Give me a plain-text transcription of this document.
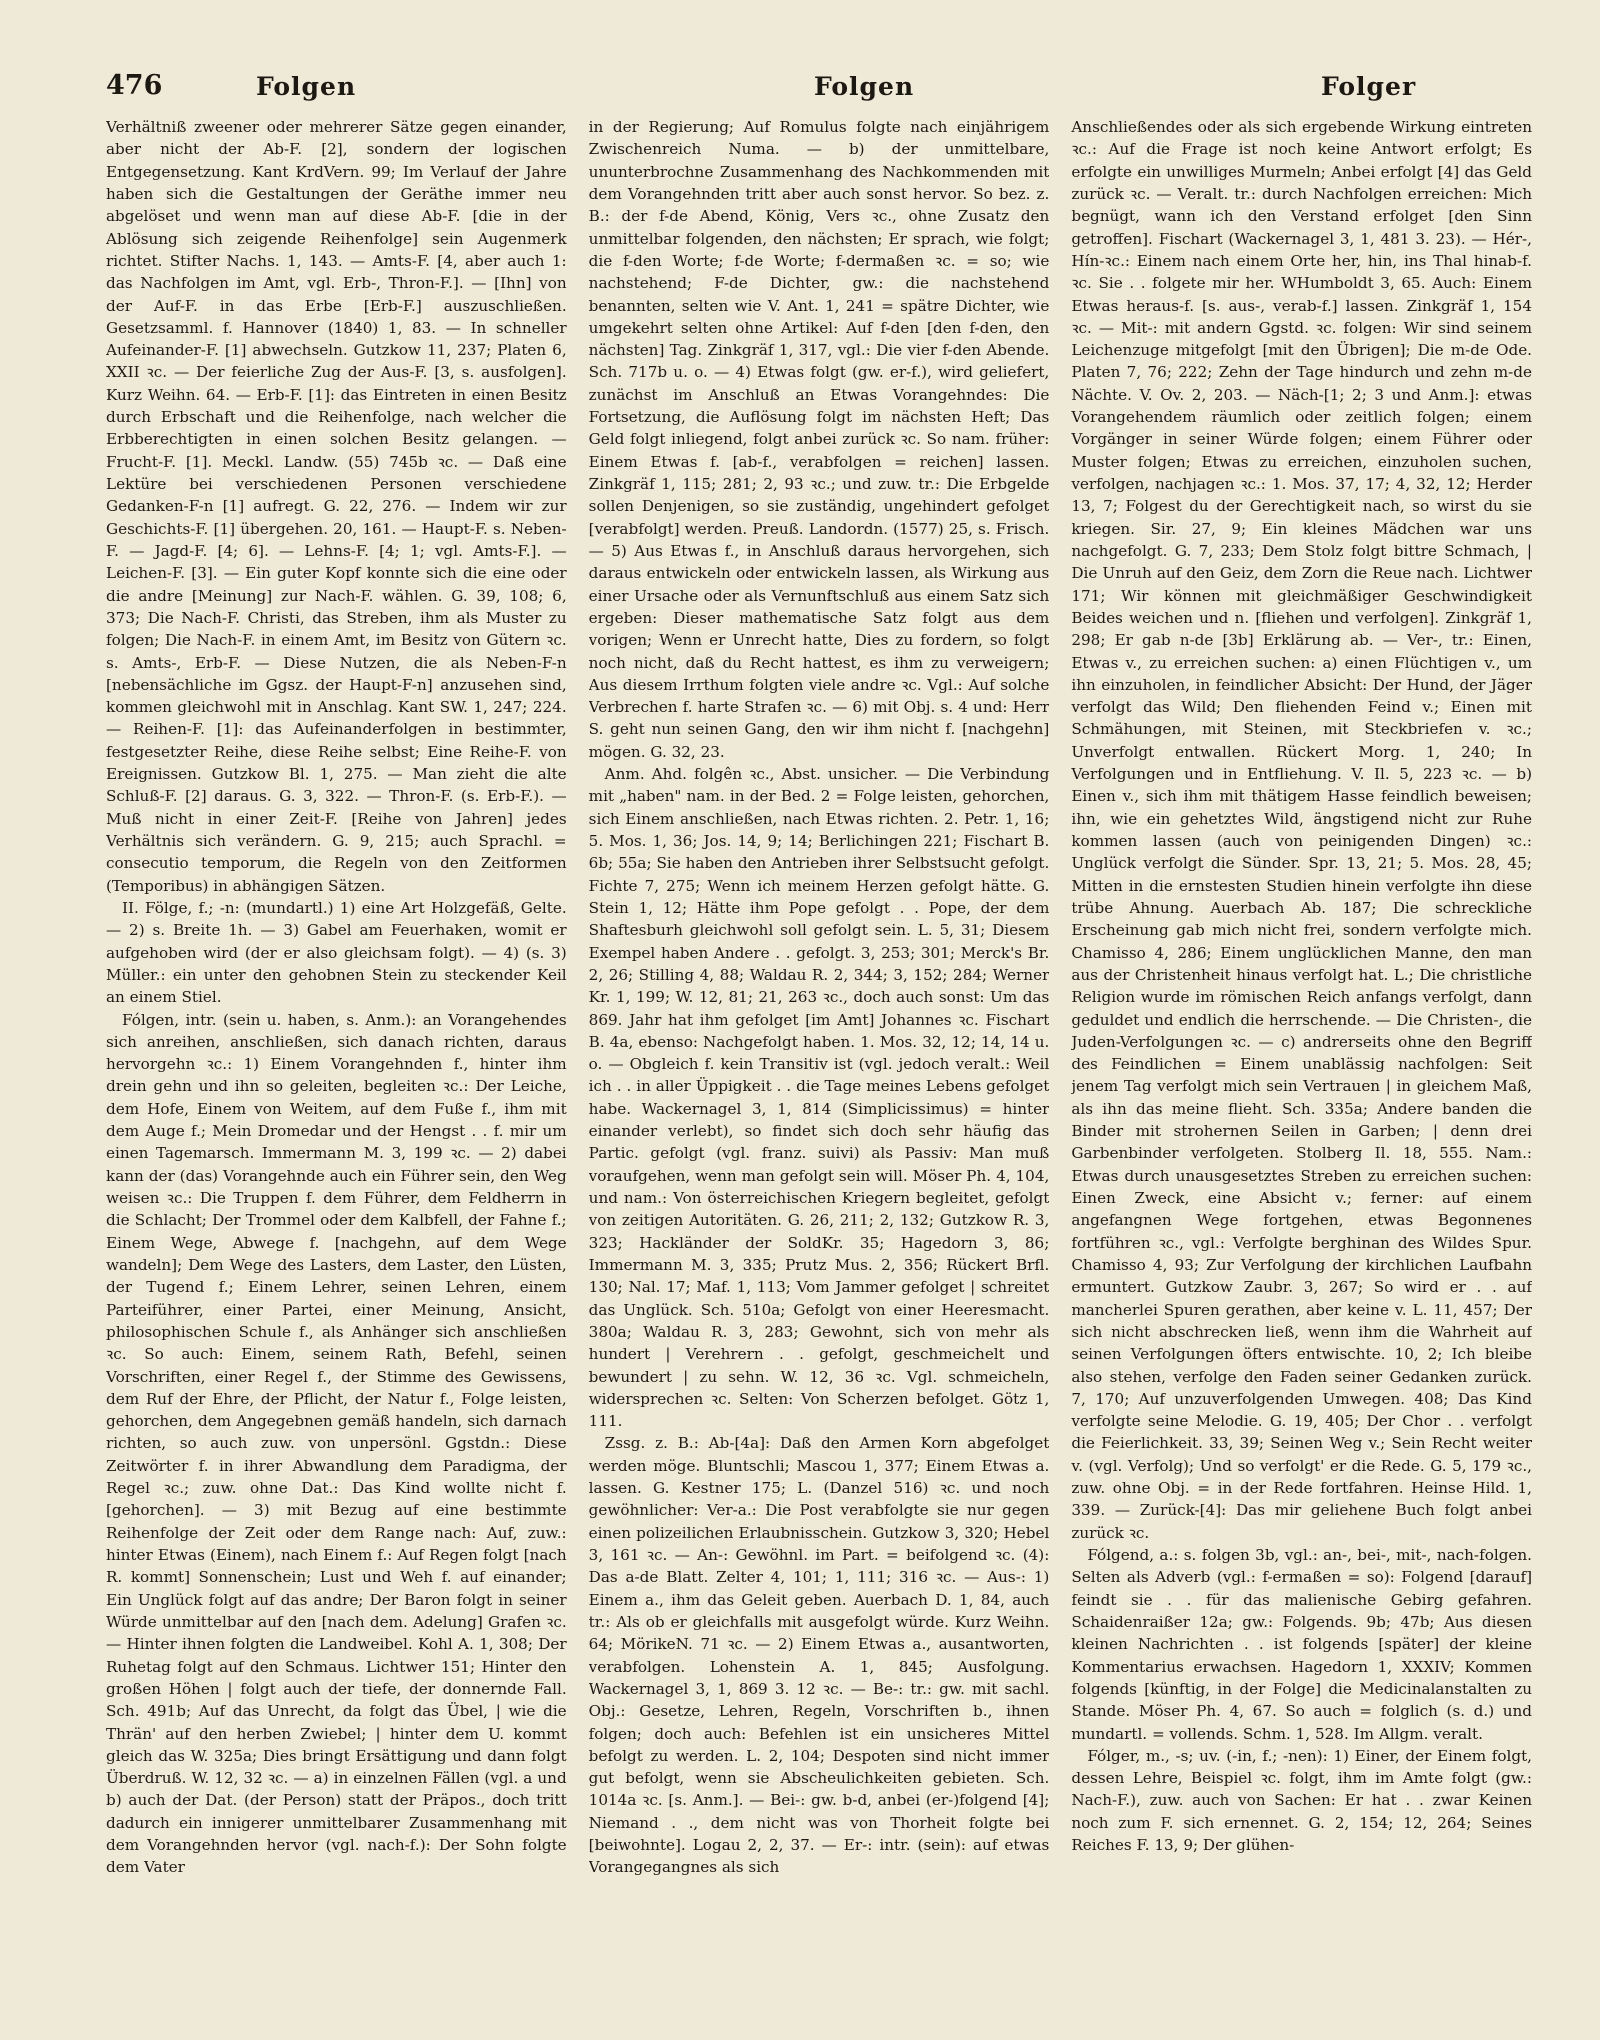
476	Folgen	Folgen	Folger

Verhältniß zweener oder mehrerer Sätze gegen einander, aber nicht der Ab-F. [2], sondern der logischen Entgegensetzung. Kant KrdVern. 99; Im Verlauf der Jahre haben sich die Gestaltungen der Geräthe immer neu abgelöset und wenn man auf diese Ab-F. [die in der Ablösung sich zeigende Reihenfolge] sein Augenmerk richtet. Stifter Nachs. 1, 143. — Amts-F. [4, aber auch 1: das Nachfolgen im Amt, vgl. Erb-, Thron-F.]. — [Ihn] von der Auf-F. in das Erbe [Erb-F.] auszuschließen. Gesetzsamml. f. Hannover (1840) 1, 83. — In schneller Aufeinander-F. [1] abwechseln. Gutzkow 11, 237; Platen 6, XXII ꝛc. — Der feierliche Zug der Aus-F. [3, s. ausfolgen]. Kurz Weihn. 64. — Erb-F. [1]: das Eintreten in einen Besitz durch Erbschaft und die Reihenfolge, nach welcher die Erbberechtigten in einen solchen Besitz gelangen. — Frucht-F. [1]. Meckl. Landw. (55) 745b ꝛc. — Daß eine Lektüre bei verschiedenen Personen verschiedene Gedanken-F-n [1] aufregt. G. 22, 276. — Indem wir zur Geschichts-F. [1] übergehen. 20, 161. — Haupt-F. s. Neben-F. — Jagd-F. [4; 6]. — Lehns-F. [4; 1; vgl. Amts-F.]. — Leichen-F. [3]. — Ein guter Kopf konnte sich die eine oder die andre [Meinung] zur Nach-F. wählen. G. 39, 108; 6, 373; Die Nach-F. Christi, das Streben, ihm als Muster zu folgen; Die Nach-F. in einem Amt, im Besitz von Gütern ꝛc. s. Amts-, Erb-F. — Diese Nutzen, die als Neben-F-n [nebensächliche im Ggsz. der Haupt-F-n] anzusehen sind, kommen gleichwohl mit in Anschlag. Kant SW. 1, 247; 224. — Reihen-F. [1]: das Aufeinanderfolgen in bestimmter, festgesetzter Reihe, diese Reihe selbst; Eine Reihe-F. von Ereignissen. Gutzkow Bl. 1, 275. — Man zieht die alte Schluß-F. [2] daraus. G. 3, 322. — Thron-F. (s. Erb-F.). — Muß nicht in einer Zeit-F. [Reihe von Jahren] jedes Verhältnis sich verändern. G. 9, 215; auch Sprachl. = consecutio temporum, die Regeln von den Zeitformen (Temporibus) in abhängigen Sätzen.

II. Fölge, f.; -n: (mundartl.) 1) eine Art Holzgefäß, Gelte. — 2) s. Breite 1h. — 3) Gabel am Feuerhaken, womit er aufgehoben wird (der er also gleichsam folgt). — 4) (s. 3) Müller.: ein unter den gehobnen Stein zu steckender Keil an einem Stiel.

Fólgen, intr. (sein u. haben, s. Anm.): an Vorangehendes sich anreihen, anschließen, sich danach richten, daraus hervorgehn ꝛc.: 1) Einem Vorangehnden f., hinter ihm drein gehn und ihn so geleiten, begleiten ꝛc.: Der Leiche, dem Hofe, Einem von Weitem, auf dem Fuße f., ihm mit dem Auge f.; Mein Dromedar und der Hengst . . f. mir um einen Tagemarsch. Immermann M. 3, 199 ꝛc. — 2) dabei kann der (das) Vorangehnde auch ein Führer sein, den Weg weisen ꝛc.: Die Truppen f. dem Führer, dem Feldherrn in die Schlacht; Der Trommel oder dem Kalbfell, der Fahne f.; Einem Wege, Abwege f. [nachgehn, auf dem Wege wandeln]; Dem Wege des Lasters, dem Laster, den Lüsten, der Tugend f.; Einem Lehrer, seinen Lehren, einem Parteiführer, einer Partei, einer Meinung, Ansicht, philosophischen Schule f., als Anhänger sich anschließen ꝛc. So auch: Einem, seinem Rath, Befehl, seinen Vorschriften, einer Regel f., der Stimme des Gewissens, dem Ruf der Ehre, der Pflicht, der Natur f., Folge leisten, gehorchen, dem Angegebnen gemäß handeln, sich darnach richten, so auch zuw. von unpersönl. Ggstdn.: Diese Zeitwörter f. in ihrer Abwandlung dem Paradigma, der Regel ꝛc.; zuw. ohne Dat.: Das Kind wollte nicht f. [gehorchen]. — 3) mit Bezug auf eine bestimmte Reihenfolge der Zeit oder dem Range nach: Auf, zuw.: hinter Etwas (Einem), nach Einem f.: Auf Regen folgt [nach R. kommt] Sonnenschein; Lust und Weh f. auf einander; Ein Unglück folgt auf das andre; Der Baron folgt in seiner Würde unmittelbar auf den [nach dem. Adelung] Grafen ꝛc. — Hinter ihnen folgten die Landweibel. Kohl A. 1, 308; Der Ruhetag folgt auf den Schmaus. Lichtwer 151; Hinter den großen Höhen | folgt auch der tiefe, der donnernde Fall. Sch. 491b; Auf das Unrecht, da folgt das Übel, | wie die Thrän' auf den herben Zwiebel; | hinter dem U. kommt gleich das W. 325a; Dies bringt Ersättigung und dann folgt Überdruß. W. 12, 32 ꝛc. — a) in einzelnen Fällen (vgl. a und b) auch der Dat. (der Person) statt der Präpos., doch tritt dadurch ein innigerer unmittelbarer Zusammenhang mit dem Vorangehnden hervor (vgl. nach-f.): Der Sohn folgte dem Vater

in der Regierung; Auf Romulus folgte nach einjährigem Zwischenreich Numa. — b) der unmittelbare, ununterbrochne Zusammenhang des Nachkommenden mit dem Vorangehnden tritt aber auch sonst hervor. So bez. z. B.: der f-de Abend, König, Vers ꝛc., ohne Zusatz den unmittelbar folgenden, den nächsten; Er sprach, wie folgt; die f-den Worte; f-de Worte; f-dermaßen ꝛc. = so; wie nachstehend; F-de Dichter, gw.: die nachstehend benannten, selten wie V. Ant. 1, 241 = spätre Dichter, wie umgekehrt selten ohne Artikel: Auf f-den [den f-den, den nächsten] Tag. Zinkgräf 1, 317, vgl.: Die vier f-den Abende. Sch. 717b u. o. — 4) Etwas folgt (gw. er-f.), wird geliefert, zunächst im Anschluß an Etwas Vorangehndes: Die Fortsetzung, die Auflösung folgt im nächsten Heft; Das Geld folgt inliegend, folgt anbei zurück ꝛc. So nam. früher: Einem Etwas f. [ab-f., verabfolgen = reichen] lassen. Zinkgräf 1, 115; 281; 2, 93 ꝛc.; und zuw. tr.: Die Erbgelde sollen Denjenigen, so sie zuständig, ungehindert gefolget [verabfolgt] werden. Preuß. Landordn. (1577) 25, s. Frisch. — 5) Aus Etwas f., in Anschluß daraus hervorgehen, sich daraus entwickeln oder entwickeln lassen, als Wirkung aus einer Ursache oder als Vernunftschluß aus einem Satz sich ergeben: Dieser mathematische Satz folgt aus dem vorigen; Wenn er Unrecht hatte, Dies zu fordern, so folgt noch nicht, daß du Recht hattest, es ihm zu verweigern; Aus diesem Irrthum folgten viele andre ꝛc. Vgl.: Auf solche Verbrechen f. harte Strafen ꝛc. — 6) mit Obj. s. 4 und: Herr S. geht nun seinen Gang, den wir ihm nicht f. [nachgehn] mögen. G. 32, 23.

Anm. Ahd. folgên ꝛc., Abst. unsicher. — Die Verbindung mit „haben" nam. in der Bed. 2 = Folge leisten, gehorchen, sich Einem anschließen, nach Etwas richten. 2. Petr. 1, 16; 5. Mos. 1, 36; Jos. 14, 9; 14; Berlichingen 221; Fischart B. 6b; 55a; Sie haben den Antrieben ihrer Selbstsucht gefolgt. Fichte 7, 275; Wenn ich meinem Herzen gefolgt hätte. G. Stein 1, 12; Hätte ihm Pope gefolgt . . Pope, der dem Shaftesburh gleichwohl soll gefolgt sein. L. 5, 31; Diesem Exempel haben Andere . . gefolgt. 3, 253; 301; Merck's Br. 2, 26; Stilling 4, 88; Waldau R. 2, 344; 3, 152; 284; Werner Kr. 1, 199; W. 12, 81; 21, 263 ꝛc., doch auch sonst: Um das 869. Jahr hat ihm gefolget [im Amt] Johannes ꝛc. Fischart B. 4a, ebenso: Nachgefolgt haben. 1. Mos. 32, 12; 14, 14 u. o. — Obgleich f. kein Transitiv ist (vgl. jedoch veralt.: Weil ich . . in aller Üppigkeit . . die Tage meines Lebens gefolget habe. Wackernagel 3, 1, 814 (Simplicissimus) = hinter einander verlebt), so findet sich doch sehr häufig das Partic. gefolgt (vgl. franz. suivi) als Passiv: Man muß voraufgehen, wenn man gefolgt sein will. Möser Ph. 4, 104, und nam.: Von österreichischen Kriegern begleitet, gefolgt von zeitigen Autoritäten. G. 26, 211; 2, 132; Gutzkow R. 3, 323; Hackländer der SoldKr. 35; Hagedorn 3, 86; Immermann M. 3, 335; Prutz Mus. 2, 356; Rückert Brfl. 130; Nal. 17; Maf. 1, 113; Vom Jammer gefolget | schreitet das Unglück. Sch. 510a; Gefolgt von einer Heeresmacht. 380a; Waldau R. 3, 283; Gewohnt, sich von mehr als hundert | Verehrern . . gefolgt, geschmeichelt und bewundert | zu sehn. W. 12, 36 ꝛc. Vgl. schmeicheln, widersprechen ꝛc. Selten: Von Scherzen befolget. Götz 1, 111.

Zssg. z. B.: Ab-[4a]: Daß den Armen Korn abgefolget werden möge. Bluntschli; Mascou 1, 377; Einem Etwas a. lassen. G. Kestner 175; L. (Danzel 516) ꝛc. und noch gewöhnlicher: Ver-a.: Die Post verabfolgte sie nur gegen einen polizeilichen Erlaubnisschein. Gutzkow 3, 320; Hebel 3, 161 ꝛc. — An-: Gewöhnl. im Part. = beifolgend ꝛc. (4): Das a-de Blatt. Zelter 4, 101; 1, 111; 316 ꝛc. — Aus-: 1) Einem a., ihm das Geleit geben. Auerbach D. 1, 84, auch tr.: Als ob er gleichfalls mit ausgefolgt würde. Kurz Weihn. 64; MörikeN. 71 ꝛc. — 2) Einem Etwas a., ausantworten, verabfolgen. Lohenstein A. 1, 845; Ausfolgung. Wackernagel 3, 1, 869 3. 12 ꝛc. — Be-: tr.: gw. mit sachl. Obj.: Gesetze, Lehren, Regeln, Vorschriften b., ihnen folgen; doch auch: Befehlen ist ein unsicheres Mittel befolgt zu werden. L. 2, 104; Despoten sind nicht immer gut befolgt, wenn sie Abscheulichkeiten gebieten. Sch. 1014a ꝛc. [s. Anm.]. — Bei-: gw. b-d, anbei (er-)folgend [4]; Niemand . ., dem nicht was von Thorheit folgte bei [beiwohnte]. Logau 2, 2, 37. — Er-: intr. (sein): auf etwas Vorangegangnes als sich

Anschließendes oder als sich ergebende Wirkung eintreten ꝛc.: Auf die Frage ist noch keine Antwort erfolgt; Es erfolgte ein unwilliges Murmeln; Anbei erfolgt [4] das Geld zurück ꝛc. — Veralt. tr.: durch Nachfolgen erreichen: Mich begnügt, wann ich den Verstand erfolget [den Sinn getroffen]. Fischart (Wackernagel 3, 1, 481 3. 23). — Hér-, Hín-ꝛc.: Einem nach einem Orte her, hin, ins Thal hinab-f. ꝛc. Sie . . folgete mir her. WHumboldt 3, 65. Auch: Einem Etwas heraus-f. [s. aus-, verab-f.] lassen. Zinkgräf 1, 154 ꝛc. — Mit-: mit andern Ggstd. ꝛc. folgen: Wir sind seinem Leichenzuge mitgefolgt [mit den Übrigen]; Die m-de Ode. Platen 7, 76; 222; Zehn der Tage hindurch und zehn m-de Nächte. V. Ov. 2, 203. — Näch-[1; 2; 3 und Anm.]: etwas Vorangehendem räumlich oder zeitlich folgen; einem Vorgänger in seiner Würde folgen; einem Führer oder Muster folgen; Etwas zu erreichen, einzuholen suchen, verfolgen, nachjagen ꝛc.: 1. Mos. 37, 17; 4, 32, 12; Herder 13, 7; Folgest du der Gerechtigkeit nach, so wirst du sie kriegen. Sir. 27, 9; Ein kleines Mädchen war uns nachgefolgt. G. 7, 233; Dem Stolz folgt bittre Schmach, | Die Unruh auf den Geiz, dem Zorn die Reue nach. Lichtwer 171; Wir können mit gleichmäßiger Geschwindigkeit Beides weichen und n. [fliehen und verfolgen]. Zinkgräf 1, 298; Er gab n-de [3b] Erklärung ab. — Ver-, tr.: Einen, Etwas v., zu erreichen suchen: a) einen Flüchtigen v., um ihn einzuholen, in feindlicher Absicht: Der Hund, der Jäger verfolgt das Wild; Den fliehenden Feind v.; Einen mit Schmähungen, mit Steinen, mit Steckbriefen v. ꝛc.; Unverfolgt entwallen. Rückert Morg. 1, 240; In Verfolgungen und in Entfliehung. V. Il. 5, 223 ꝛc. — b) Einen v., sich ihm mit thätigem Hasse feindlich beweisen; ihn, wie ein gehetztes Wild, ängstigend nicht zur Ruhe kommen lassen (auch von peinigenden Dingen) ꝛc.: Unglück verfolgt die Sünder. Spr. 13, 21; 5. Mos. 28, 45; Mitten in die ernstesten Studien hinein verfolgte ihn diese trübe Ahnung. Auerbach Ab. 187; Die schreckliche Erscheinung gab mich nicht frei, sondern verfolgte mich. Chamisso 4, 286; Einem unglücklichen Manne, den man aus der Christenheit hinaus verfolgt hat. L.; Die christliche Religion wurde im römischen Reich anfangs verfolgt, dann geduldet und endlich die herrschende. — Die Christen-, die Juden-Verfolgungen ꝛc. — c) andrerseits ohne den Begriff des Feindlichen = Einem unablässig nachfolgen: Seit jenem Tag verfolgt mich sein Vertrauen | in gleichem Maß, als ihn das meine flieht. Sch. 335a; Andere banden die Binder mit strohernen Seilen in Garben; | denn drei Garbenbinder verfolgeten. Stolberg Il. 18, 555. Nam.: Etwas durch unausgesetztes Streben zu erreichen suchen: Einen Zweck, eine Absicht v.; ferner: auf einem angefangnen Wege fortgehen, etwas Begonnenes fortführen ꝛc., vgl.: Verfolgte berghinan des Wildes Spur. Chamisso 4, 93; Zur Verfolgung der kirchlichen Laufbahn ermuntert. Gutzkow Zaubr. 3, 267; So wird er . . auf mancherlei Spuren gerathen, aber keine v. L. 11, 457; Der sich nicht abschrecken ließ, wenn ihm die Wahrheit auf seinen Verfolgungen öfters entwischte. 10, 2; Ich bleibe also stehen, verfolge den Faden seiner Gedanken zurück. 7, 170; Auf unzuverfolgenden Umwegen. 408; Das Kind verfolgte seine Melodie. G. 19, 405; Der Chor . . verfolgt die Feierlichkeit. 33, 39; Seinen Weg v.; Sein Recht weiter v. (vgl. Verfolg); Und so verfolgt' er die Rede. G. 5, 179 ꝛc., zuw. ohne Obj. = in der Rede fortfahren. Heinse Hild. 1, 339. — Zurück-[4]: Das mir geliehene Buch folgt anbei zurück ꝛc.

Fólgend, a.: s. folgen 3b, vgl.: an-, bei-, mit-, nach-folgen. Selten als Adverb (vgl.: f-ermaßen = so): Folgend [darauf] feindt sie . . für das malienische Gebirg gefahren. Schaidenraißer 12a; gw.: Folgends. 9b; 47b; Aus diesen kleinen Nachrichten . . ist folgends [später] der kleine Kommentarius erwachsen. Hagedorn 1, XXXIV; Kommen folgends [künftig, in der Folge] die Medicinalanstalten zu Stande. Möser Ph. 4, 67. So auch = folglich (s. d.) und mundartl. = vollends. Schm. 1, 528. Im Allgm. veralt.

Fólger, m., -s; uv. (-in, f.; -nen): 1) Einer, der Einem folgt, dessen Lehre, Beispiel ꝛc. folgt, ihm im Amte folgt (gw.: Nach-F.), zuw. auch von Sachen: Er hat . . zwar Keinen noch zum F. sich ernennet. G. 2, 154; 12, 264; Seines Reiches F. 13, 9; Der glühen-
